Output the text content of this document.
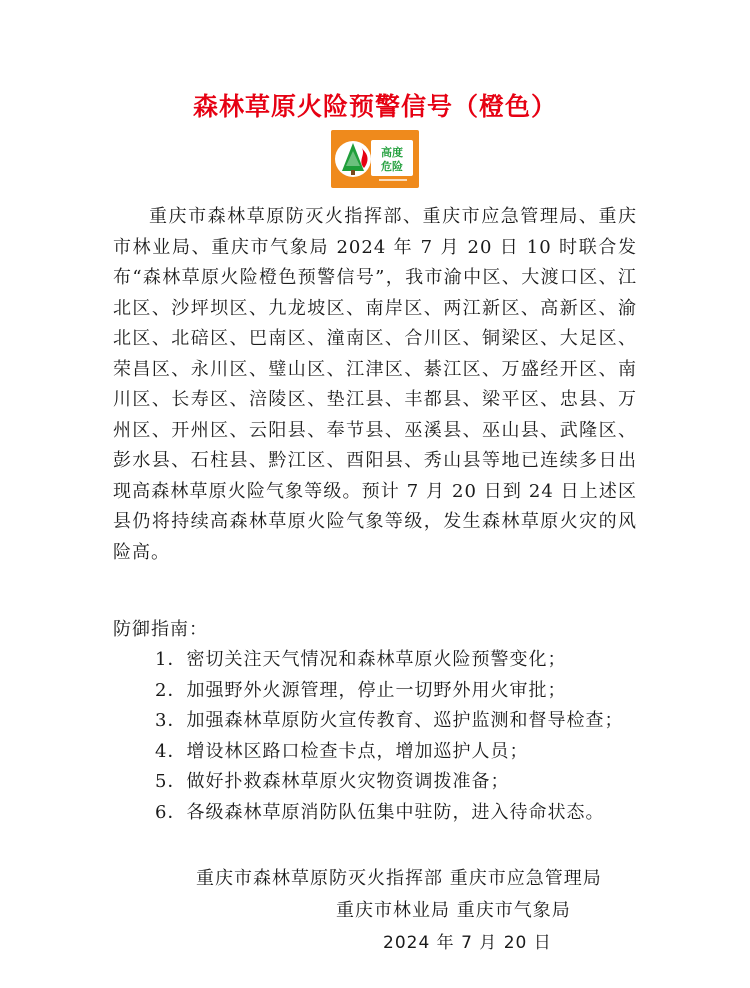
森林草原火险预警信号（橙色）
高度
危险

重庆市森林草原防灭火指挥部、重庆市应急管理局、重庆市林业局、重庆市气象局 2024 年 7 月 20 日 10 时联合发布“森林草原火险橙色预警信号”，我市渝中区、大渡口区、江北区、沙坪坝区、九龙坡区、南岸区、两江新区、高新区、渝北区、北碚区、巴南区、潼南区、合川区、铜梁区、大足区、荣昌区、永川区、璧山区、江津区、綦江区、万盛经开区、南川区、长寿区、涪陵区、垫江县、丰都县、梁平区、忠县、万州区、开州区、云阳县、奉节县、巫溪县、巫山县、武隆区、彭水县、石柱县、黔江区、酉阳县、秀山县等地已连续多日出现高森林草原火险气象等级。预计 7 月 20 日到 24 日上述区县仍将持续高森林草原火险气象等级，发生森林草原火灾的风险高。

防御指南：

1．密切关注天气情况和森林草原火险预警变化；
2．加强野外火源管理，停止一切野外用火审批；
3．加强森林草原防火宣传教育、巡护监测和督导检查；
4．增设林区路口检查卡点，增加巡护人员；
5．做好扑救森林草原火灾物资调拨准备；
6．各级森林草原消防队伍集中驻防，进入待命状态。
重庆市森林草原防灭火指挥部 重庆市应急管理局
重庆市林业局 重庆市气象局
2024 年 7 月 20 日
